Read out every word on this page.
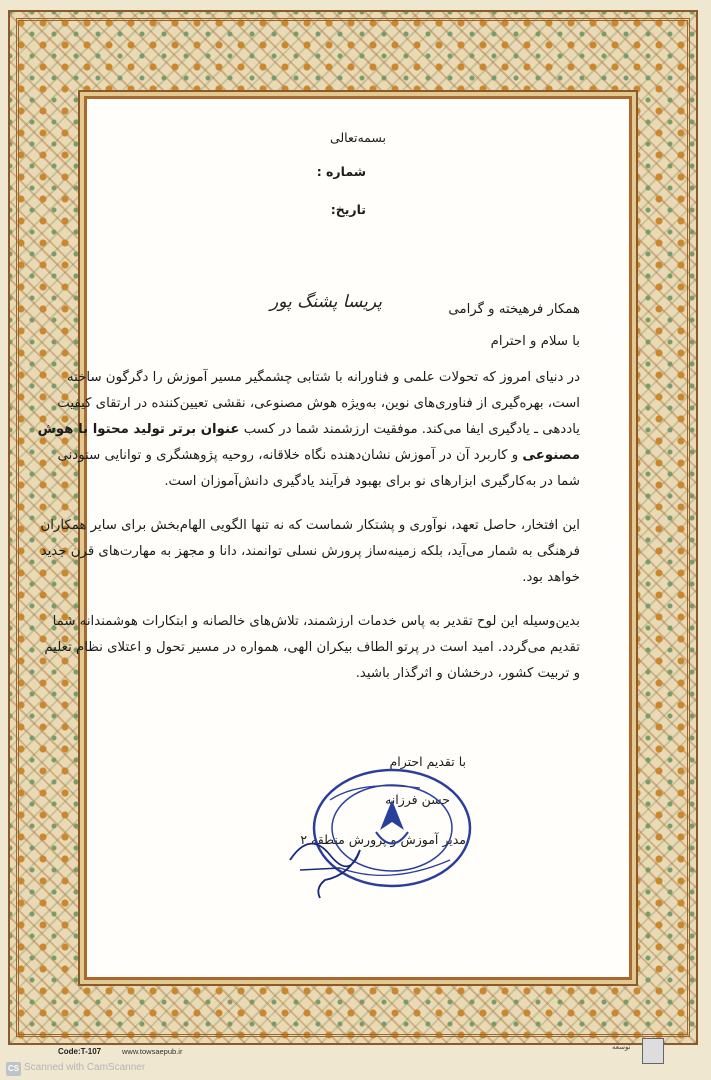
بسمه‌تعالی
شماره :
تاریخ:
همکار فرهیخته و گرامی
پریسا پشنگ پور
با سلام و احترام
در دنیای امروز که تحولات علمی و فناورانه با شتابی چشمگیر مسیر آموزش را دگرگون ساخته
است، بهره‌گیری از فناوری‌های نوین، به‌ویژه هوش مصنوعی، نقشی تعیین‌کننده در ارتقای کیفیت
یاددهی ـ یادگیری ایفا می‌کند. موفقیت ارزشمند شما در کسب عنوان برتر تولید محتوا با هوش
مصنوعی و کاربرد آن در آموزش نشان‌دهنده نگاه خلاقانه، روحیه پژوهشگری و توانایی ستودنی
شما در به‌کارگیری ابزارهای نو برای بهبود فرآیند یادگیری دانش‌آموزان است.
این افتخار، حاصل تعهد، نوآوری و پشتکار شماست که نه تنها الگویی الهام‌بخش برای سایر همکاران
فرهنگی به شمار می‌آید، بلکه زمینه‌ساز پرورش نسلی توانمند، دانا و مجهز به مهارت‌های قرن جدید
خواهد بود.
بدین‌وسیله این لوح تقدیر به پاس خدمات ارزشمند، تلاش‌های خالصانه و ابتکارات هوشمندانه شما
تقدیم می‌گردد. امید است در پرتو الطاف بیکران الهی، همواره در مسیر تحول و اعتلای نظام تعلیم
و تربیت کشور، درخشان و اثرگذار باشید.
با تقدیم احترام
حسن فرزانه
مدیر آموزش و پرورش منطقه ۲
Code:T-107	www.towsaepub.ir	توسعه
CS Scanned with CamScanner
